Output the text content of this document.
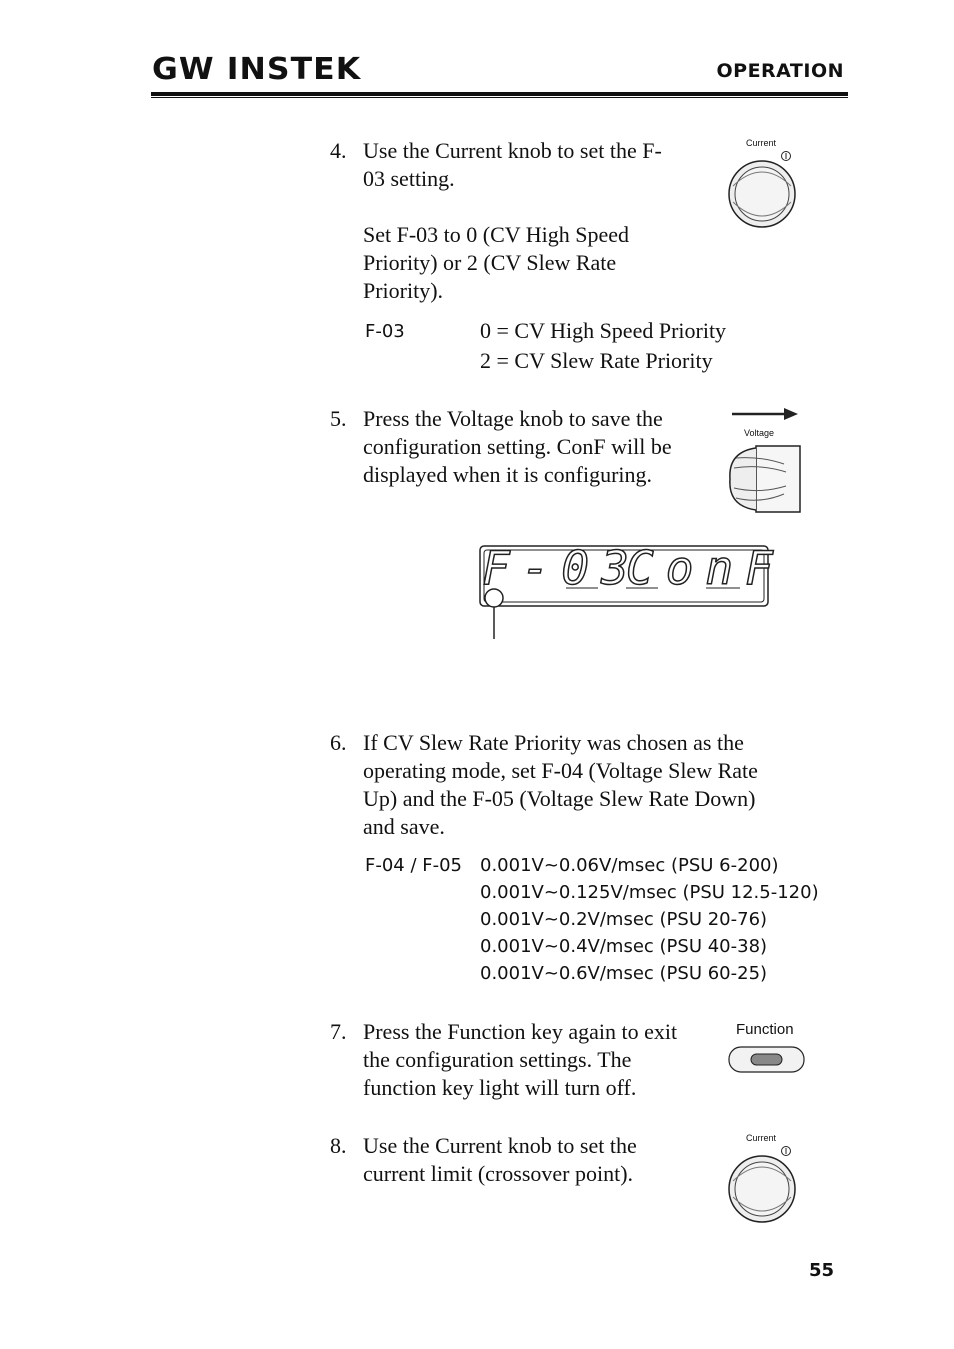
GW INSTEK	OPERATION
4. Use the Current knob to set the F-
03 setting.
Set F-03 to 0 (CV High Speed
Priority) or 2 (CV Slew Rate
Priority).
Current
F-03	0 = CV High Speed Priority
2 = CV Slew Rate Priority
5. Press the Voltage knob to save the
configuration setting. ConF will be
displayed when it is configuring.
Voltage
F-03
ConF
6. If CV Slew Rate Priority was chosen as the
operating mode, set F-04 (Voltage Slew Rate
Up) and the F-05 (Voltage Slew Rate Down)
and save.
F-04 / F-05 0.001V~0.06V/msec (PSU 6-200)
0.001V~0.125V/msec (PSU 12.5-120)
0.001V~0.2V/msec (PSU 20-76)
0.001V~0.4V/msec (PSU 40-38)
0.001V~0.6V/msec (PSU 60-25)
7. Press the Function key again to exit
the configuration settings. The
function key light will turn off.
Function
8. Use the Current knob to set the
current limit (crossover point).
Current
55
